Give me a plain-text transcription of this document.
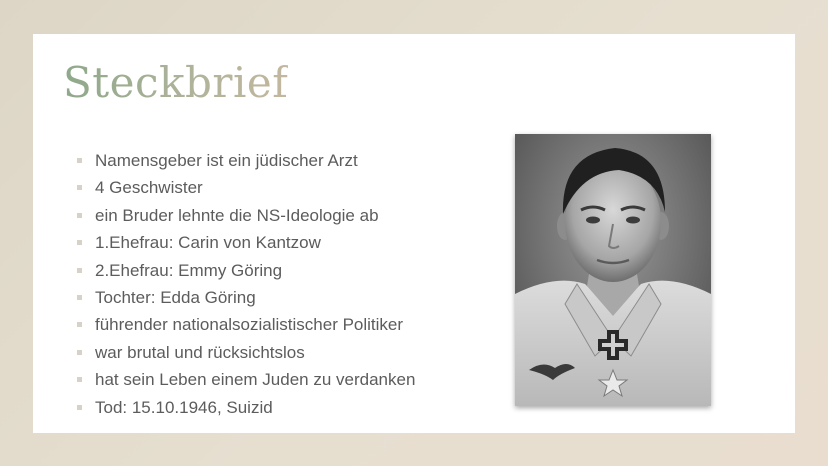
Steckbrief
Namensgeber ist ein jüdischer Arzt
4 Geschwister
ein Bruder lehnte die NS-Ideologie ab
1.Ehefrau: Carin von Kantzow
2.Ehefrau: Emmy Göring
Tochter: Edda Göring
führender nationalsozialistischer Politiker
war brutal und rücksichtslos
hat sein Leben einem Juden zu verdanken
Tod: 15.10.1946, Suizid
